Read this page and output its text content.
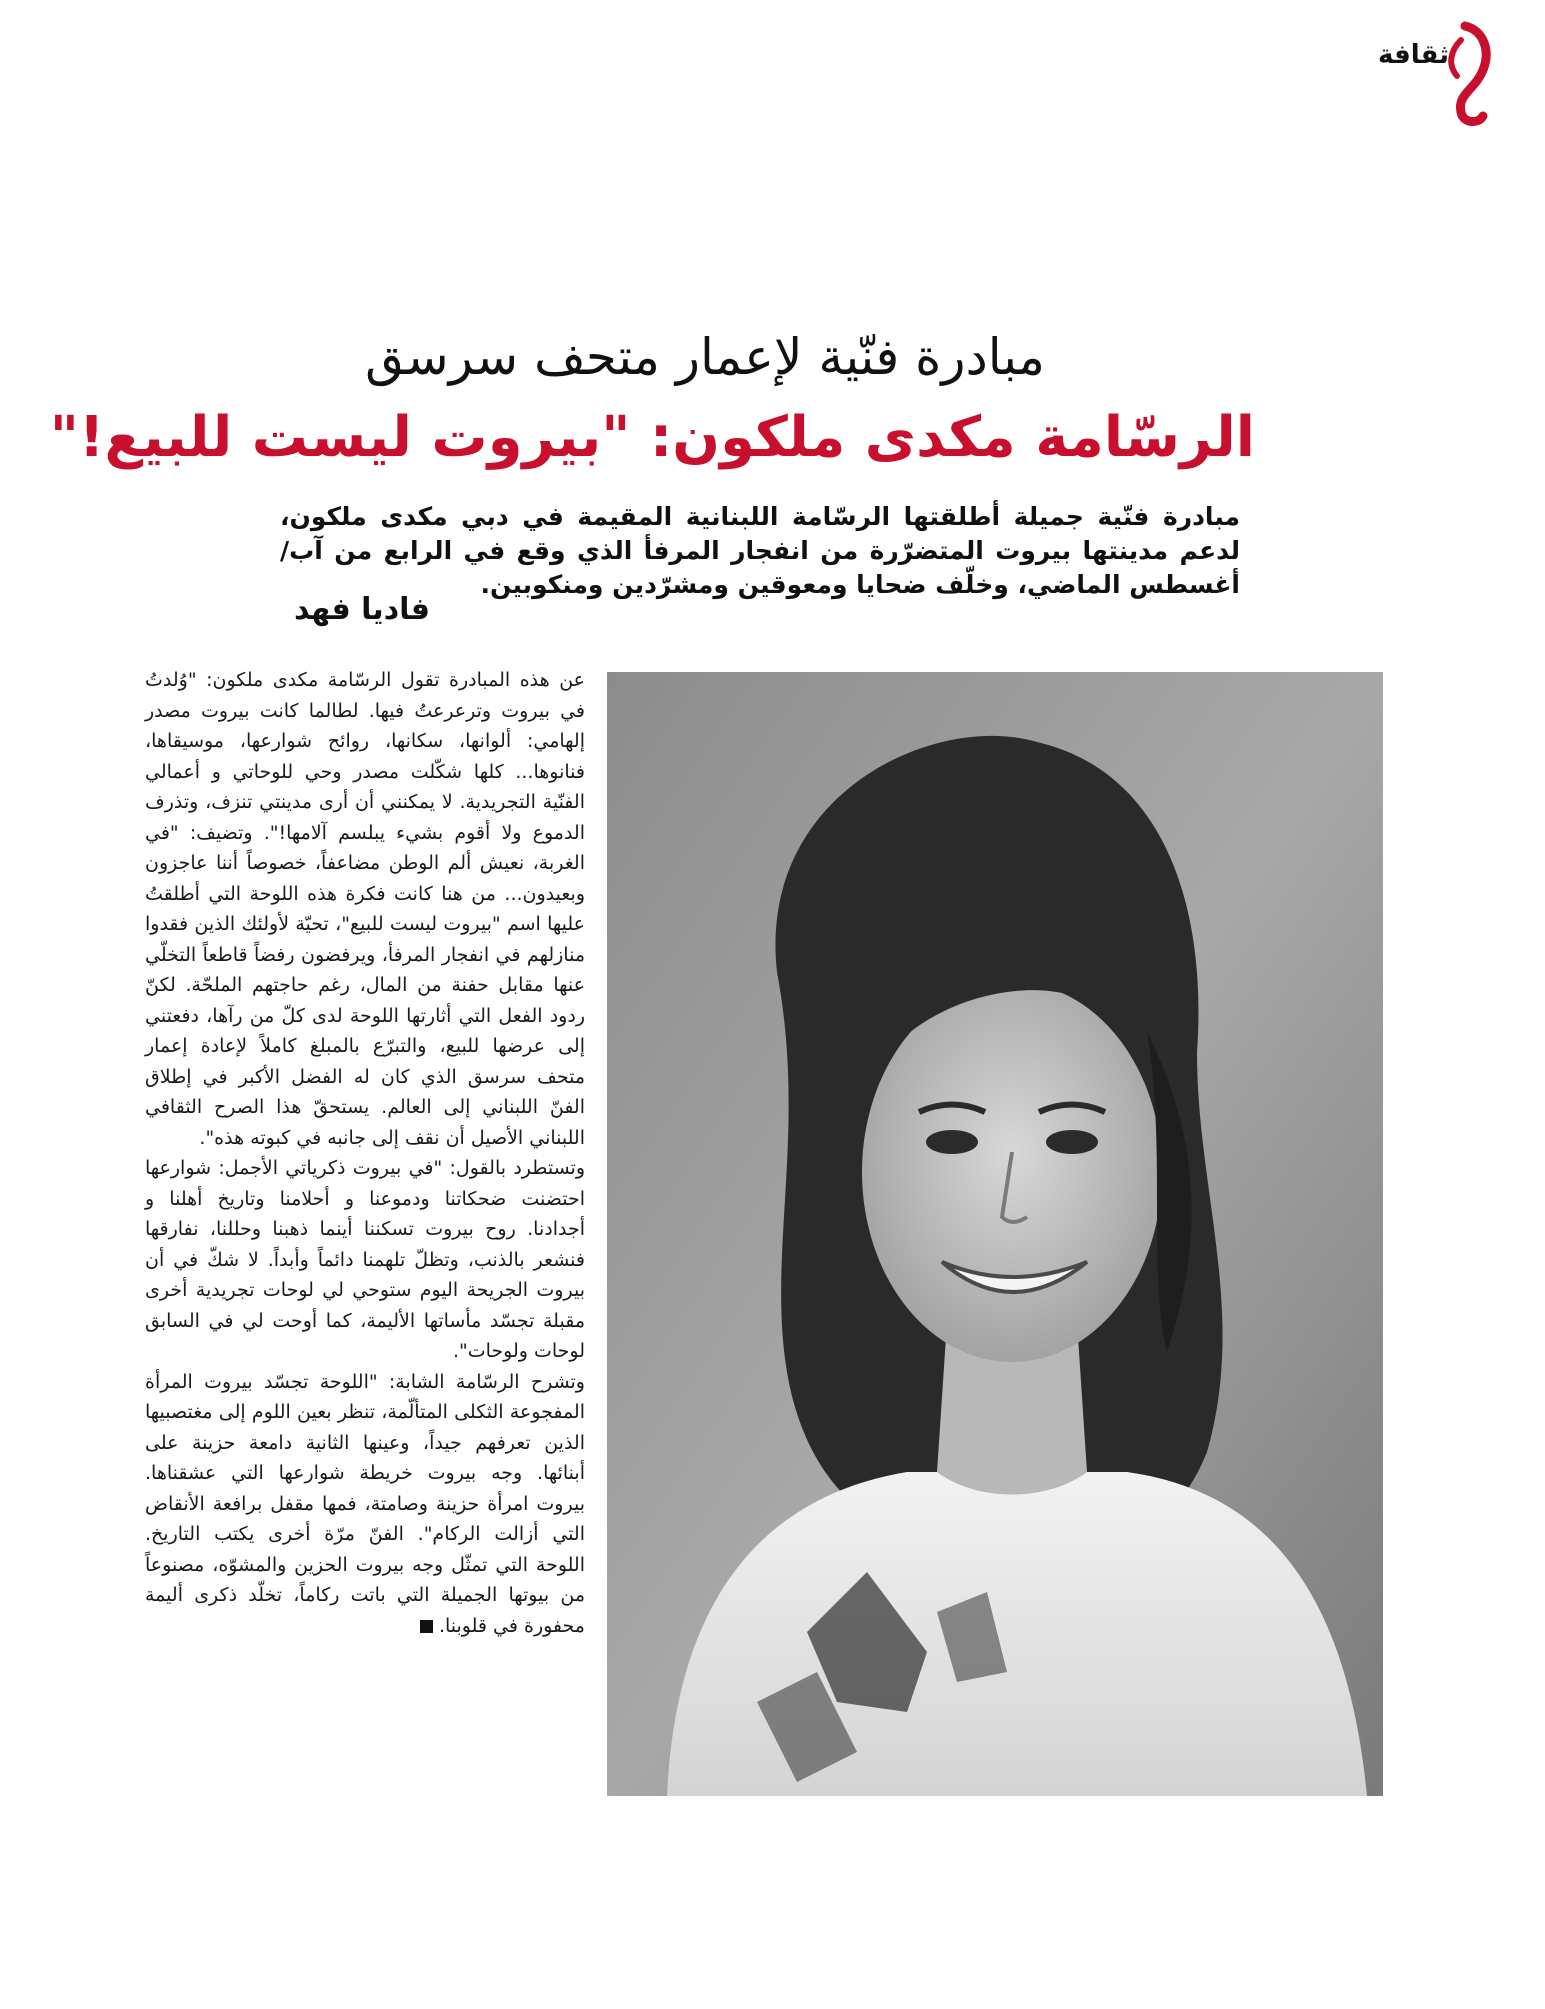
ثقافة
مبادرة فنّية لإعمار متحف سرسق
الرسّامة مكدى ملكون: "بيروت ليست للبيع!"
مبادرة فنّية جميلة أطلقتها الرسّامة اللبنانية المقيمة في دبي مكدى ملكون، لدعم مدينتها بيروت المتضرّرة من انفجار المرفأ الذي وقع في الرابع من آب/ أغسطس الماضي، وخلّف ضحايا ومعوقين ومشرّدين ومنكوبين.
فاديا فهد

عن هذه المبادرة تقول الرسّامة مكدى ملكون: "وُلدتُ في بيروت وترعرعتُ فيها. لطالما كانت بيروت مصدر إلهامي: ألوانها، سكانها، روائح شوارعها، موسيقاها، فنانوها... كلها شكّلت مصدر وحي للوحاتي و أعمالي الفنّية التجريدية. لا يمكنني أن أرى مدينتي تنزف، وتذرف الدموع ولا أقوم بشيء يبلسم آلامها!". وتضيف: "في الغربة، نعيش ألم الوطن مضاعفاً، خصوصاً أننا عاجزون وبعيدون... من هنا كانت فكرة هذه اللوحة التي أطلقتُ عليها اسم "بيروت ليست للبيع"، تحيّة لأولئك الذين فقدوا منازلهم في انفجار المرفأ، ويرفضون رفضاً قاطعاً التخلّي عنها مقابل حفنة من المال، رغم حاجتهم الملحّة. لكنّ ردود الفعل التي أثارتها اللوحة لدى كلّ من رآها، دفعتني إلى عرضها للبيع، والتبرّع بالمبلغ كاملاً لإعادة إعمار متحف سرسق الذي كان له الفضل الأكبر في إطلاق الفنّ اللبناني إلى العالم. يستحقّ هذا الصرح الثقافي اللبناني الأصيل أن نقف إلى جانبه في كبوته هذه".

وتستطرد بالقول: "في بيروت ذكرياتي الأجمل: شوارعها احتضنت ضحكاتنا ودموعنا و أحلامنا وتاريخ أهلنا و أجدادنا. روح بيروت تسكننا أينما ذهبنا وحللنا، نفارقها فنشعر بالذنب، وتظلّ تلهمنا دائماً وأبداً. لا شكّ في أن بيروت الجريحة اليوم ستوحي لي لوحات تجريدية أخرى مقبلة تجسّد مأساتها الأليمة، كما أوحت لي في السابق لوحات ولوحات".

وتشرح الرسّامة الشابة: "اللوحة تجسّد بيروت المرأة المفجوعة الثكلى المتألّمة، تنظر بعين اللوم إلى مغتصبيها الذين تعرفهم جيداً، وعينها الثانية دامعة حزينة على أبنائها. وجه بيروت خريطة شوارعها التي عشقناها. بيروت امرأة حزينة وصامتة، فمها مقفل برافعة الأنقاض التي أزالت الركام". الفنّ مرّة أخرى يكتب التاريخ. اللوحة التي تمثّل وجه بيروت الحزين والمشوّه، مصنوعاً من بيوتها الجميلة التي باتت ركاماً، تخلّد ذكرى أليمة محفورة في قلوبنا.
